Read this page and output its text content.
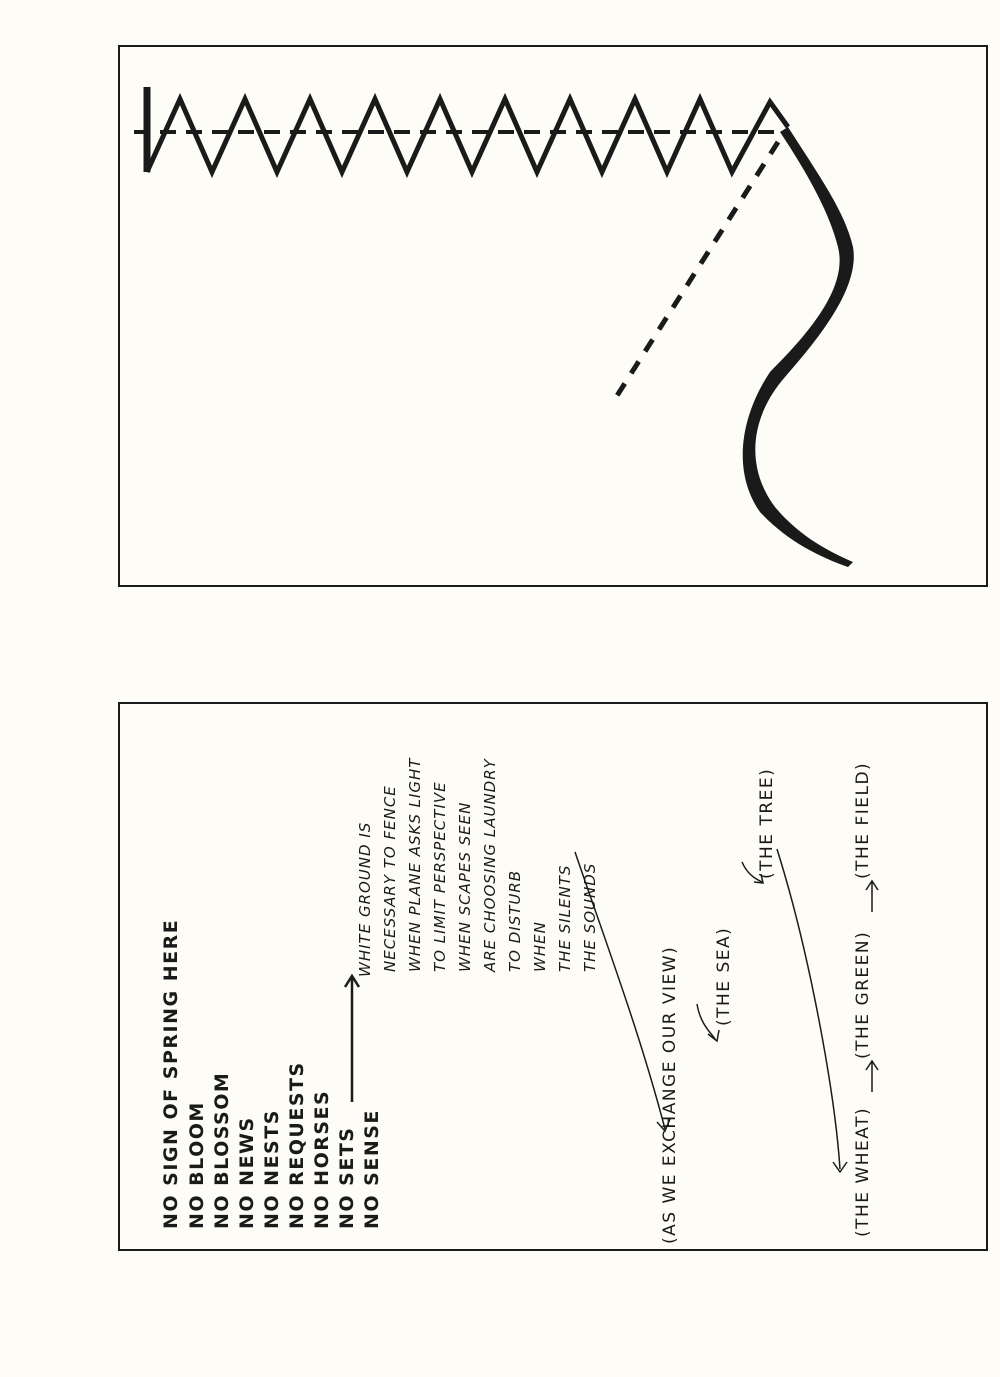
NO SIGN OF SPRING HERE NO BLOOM NO BLOSSOM NO NEWS NO NESTS NO REQUESTS NO HORSES NO SETS NO SENSE
WHITE GROUND IS NECESSARY TO FENCE WHEN PLANE ASKS LIGHT TO LIMIT PERSPECTIVE WHEN SCAPES SEEN ARE CHOOSING LAUNDRY TO DISTURB WHEN THE SILENTS THE SOUNDS
(AS WE EXCHANGE OUR VIEW) (THE SEA)
(THE TREE)
(THE WHEAT)
(THE GREEN)
(THE FIELD)
